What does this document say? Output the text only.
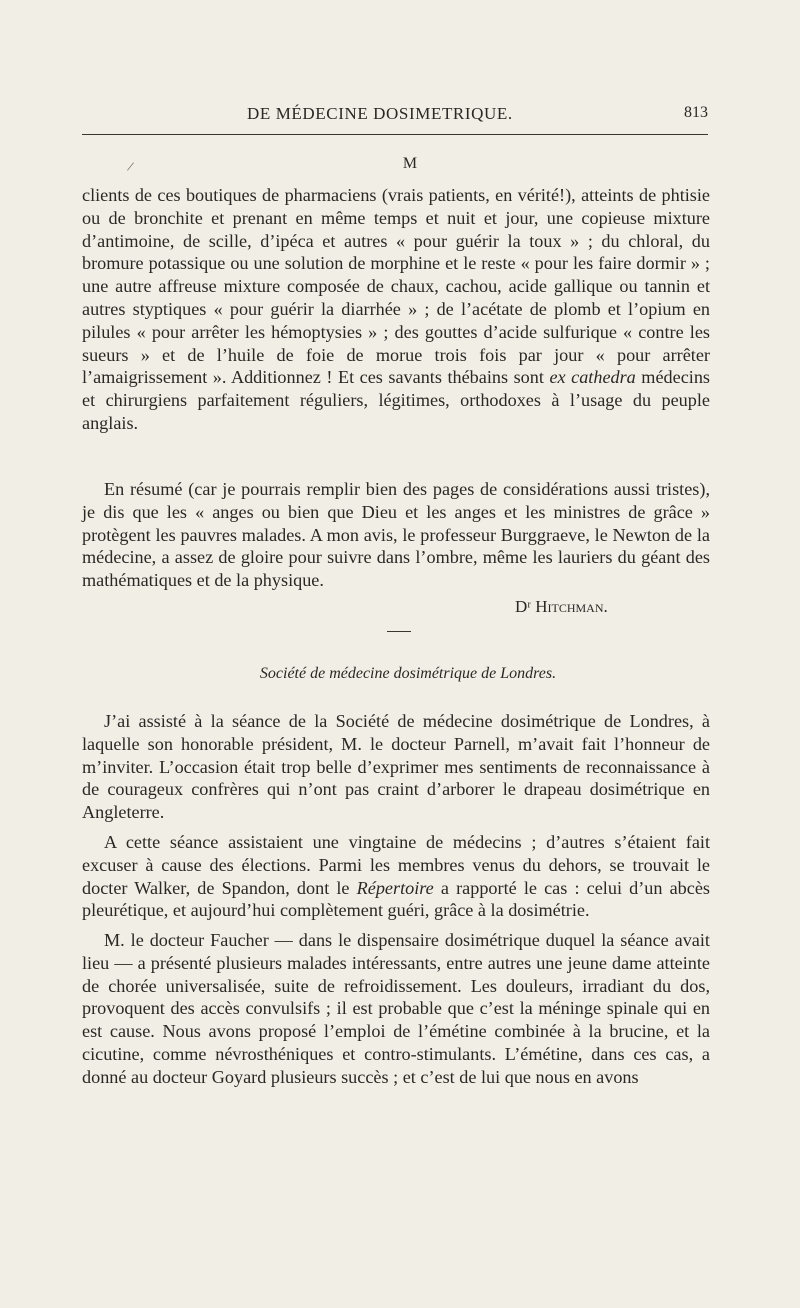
DE MÉDECINE DOSIMETRIQUE.	813
/	M

clients de ces boutiques de pharmaciens (vrais patients, en vérité!), atteints de phtisie ou de bronchite et prenant en même temps et nuit et jour, une copieuse mixture d’antimoine, de scille, d’ipéca et autres « pour guérir la toux » ; du chloral, du bromure potassique ou une solution de morphine et le reste « pour les faire dormir » ; une autre affreuse mixture composée de chaux, cachou, acide gallique ou tannin et autres styptiques « pour guérir la diarrhée » ; de l’acétate de plomb et l’opium en pilules « pour arrêter les hémoptysies » ; des gouttes d’acide sulfurique « contre les sueurs » et de l’huile de foie de morue trois fois par jour « pour arrêter l’amaigrissement ». Additionnez ! Et ces savants thébains sont ex cathedra médecins et chirurgiens parfaitement réguliers, légitimes, orthodoxes à l’usage du peuple anglais.

En résumé (car je pourrais remplir bien des pages de considérations aussi tristes), je dis que les « anges ou bien que Dieu et les anges et les ministres de grâce » protègent les pauvres malades. A mon avis, le professeur Burggraeve, le Newton de la médecine, a assez de gloire pour suivre dans l’ombre, même les lauriers du géant des mathématiques et de la physique.

Dʳ Hitchman.
Société de médecine dosimétrique de Londres.

J’ai assisté à la séance de la Société de médecine dosimétrique de Londres, à laquelle son honorable président, M. le docteur Parnell, m’avait fait l’honneur de m’inviter. L’occasion était trop belle d’exprimer mes sentiments de reconnaissance à de courageux confrères qui n’ont pas craint d’arborer le drapeau dosimétrique en Angleterre.

A cette séance assistaient une vingtaine de médecins ; d’autres s’étaient fait excuser à cause des élections. Parmi les membres venus du dehors, se trouvait le docter Walker, de Spandon, dont le Répertoire a rapporté le cas : celui d’un abcès pleurétique, et aujourd’hui complètement guéri, grâce à la dosimétrie.

M. le docteur Faucher — dans le dispensaire dosimétrique duquel la séance avait lieu — a présenté plusieurs malades intéressants, entre autres une jeune dame atteinte de chorée universalisée, suite de refroidissement. Les douleurs, irradiant du dos, provoquent des accès convulsifs ; il est probable que c’est la méninge spinale qui en est cause. Nous avons proposé l’emploi de l’émétine combinée à la brucine, et la cicutine, comme névrosthéniques et contro-stimulants. L’émétine, dans ces cas, a donné au docteur Goyard plusieurs succès ; et c’est de lui que nous en avons
